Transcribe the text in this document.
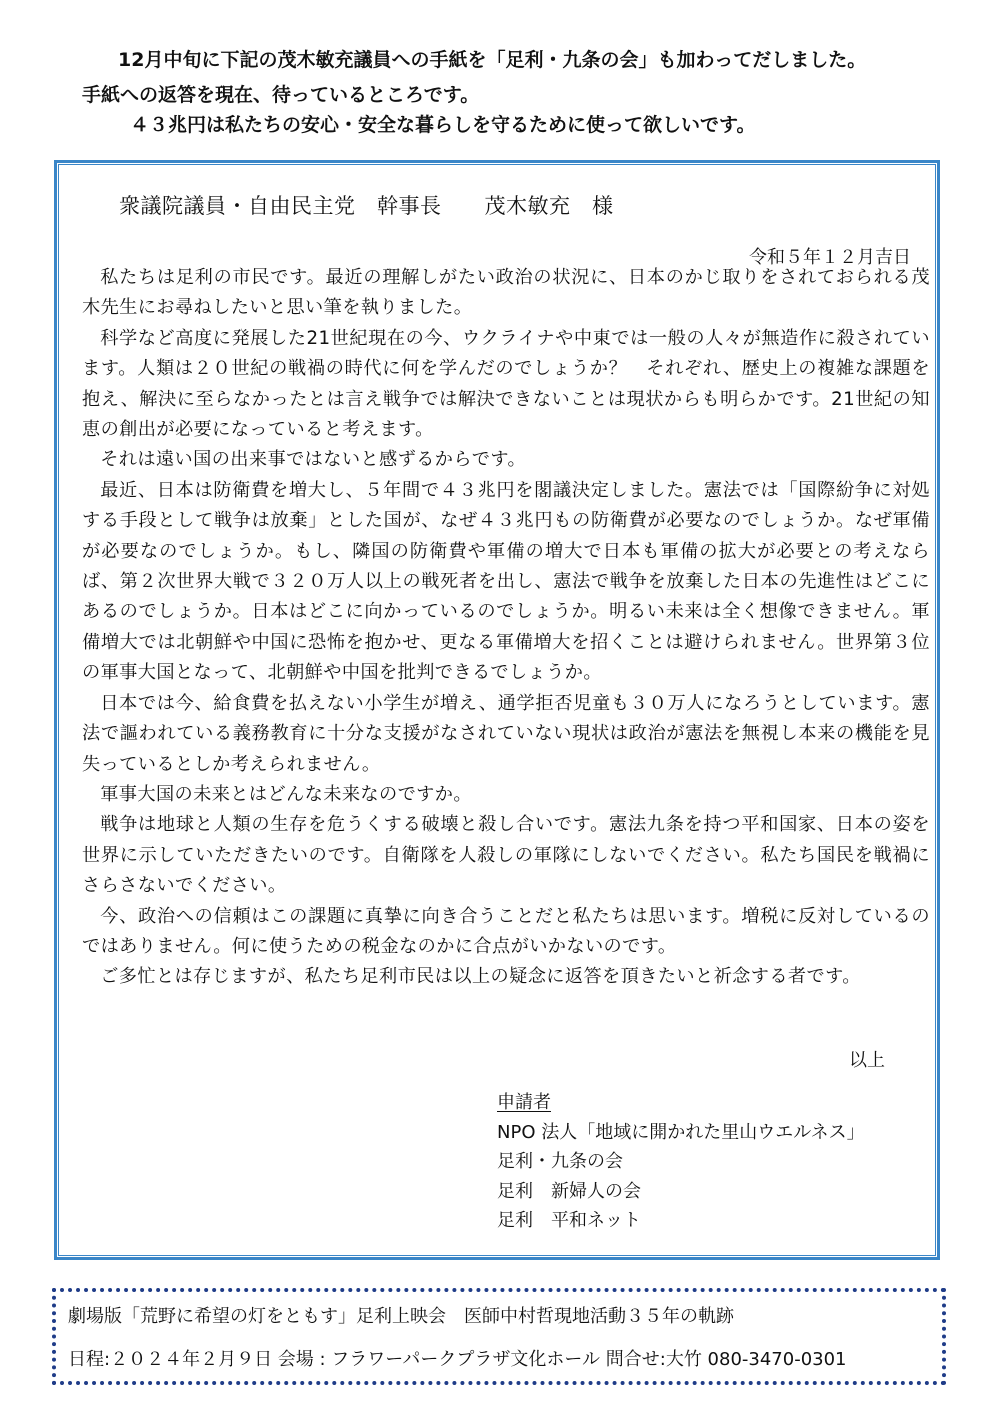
12月中旬に下記の茂木敏充議員への手紙を「足利・九条の会」も加わってだしました。
手紙への返答を現在、待っているところです。
４３兆円は私たちの安心・安全な暮らしを守るために使って欲しいです。
衆議院議員・自由民主党　幹事長　　茂木敏充　様
令和５年１２月吉日

私たちは足利の市民です。最近の理解しがたい政治の状況に、日本のかじ取りをされておられる茂木先生にお尋ねしたいと思い筆を執りました。

科学など高度に発展した21世紀現在の今、ウクライナや中東では一般の人々が無造作に殺されています。人類は２０世紀の戦禍の時代に何を学んだのでしょうか？　それぞれ、歴史上の複雑な課題を抱え、解決に至らなかったとは言え戦争では解決できないことは現状からも明らかです。21世紀の知恵の創出が必要になっていると考えます。

それは遠い国の出来事ではないと感ずるからです。

最近、日本は防衛費を増大し、５年間で４３兆円を閣議決定しました。憲法では「国際紛争に対処する手段として戦争は放棄」とした国が、なぜ４３兆円もの防衛費が必要なのでしょうか。なぜ軍備が必要なのでしょうか。もし、隣国の防衛費や軍備の増大で日本も軍備の拡大が必要との考えならば、第２次世界大戦で３２０万人以上の戦死者を出し、憲法で戦争を放棄した日本の先進性はどこにあるのでしょうか。日本はどこに向かっているのでしょうか。明るい未来は全く想像できません。軍備増大では北朝鮮や中国に恐怖を抱かせ、更なる軍備増大を招くことは避けられません。世界第３位の軍事大国となって、北朝鮮や中国を批判できるでしょうか。

日本では今、給食費を払えない小学生が増え、通学拒否児童も３０万人になろうとしています。憲法で謳われている義務教育に十分な支援がなされていない現状は政治が憲法を無視し本来の機能を見失っているとしか考えられません。

軍事大国の未来とはどんな未来なのですか。

戦争は地球と人類の生存を危うくする破壊と殺し合いです。憲法九条を持つ平和国家、日本の姿を世界に示していただきたいのです。自衛隊を人殺しの軍隊にしないでください。私たち国民を戦禍にさらさないでください。

今、政治への信頼はこの課題に真摯に向き合うことだと私たちは思います。増税に反対しているのではありません。何に使うための税金なのかに合点がいかないのです。

ご多忙とは存じますが、私たち足利市民は以上の疑念に返答を頂きたいと祈念する者です。

以上
申請者
NPO 法人「地域に開かれた里山ウエルネス」
足利・九条の会
足利　新婦人の会
足利　平和ネット
劇場版「荒野に希望の灯をともす」足利上映会　医師中村哲現地活動３５年の軌跡
日程:２０２４年２月９日 会場 : フラワーパークプラザ文化ホール 問合せ:大竹 080-3470-0301
